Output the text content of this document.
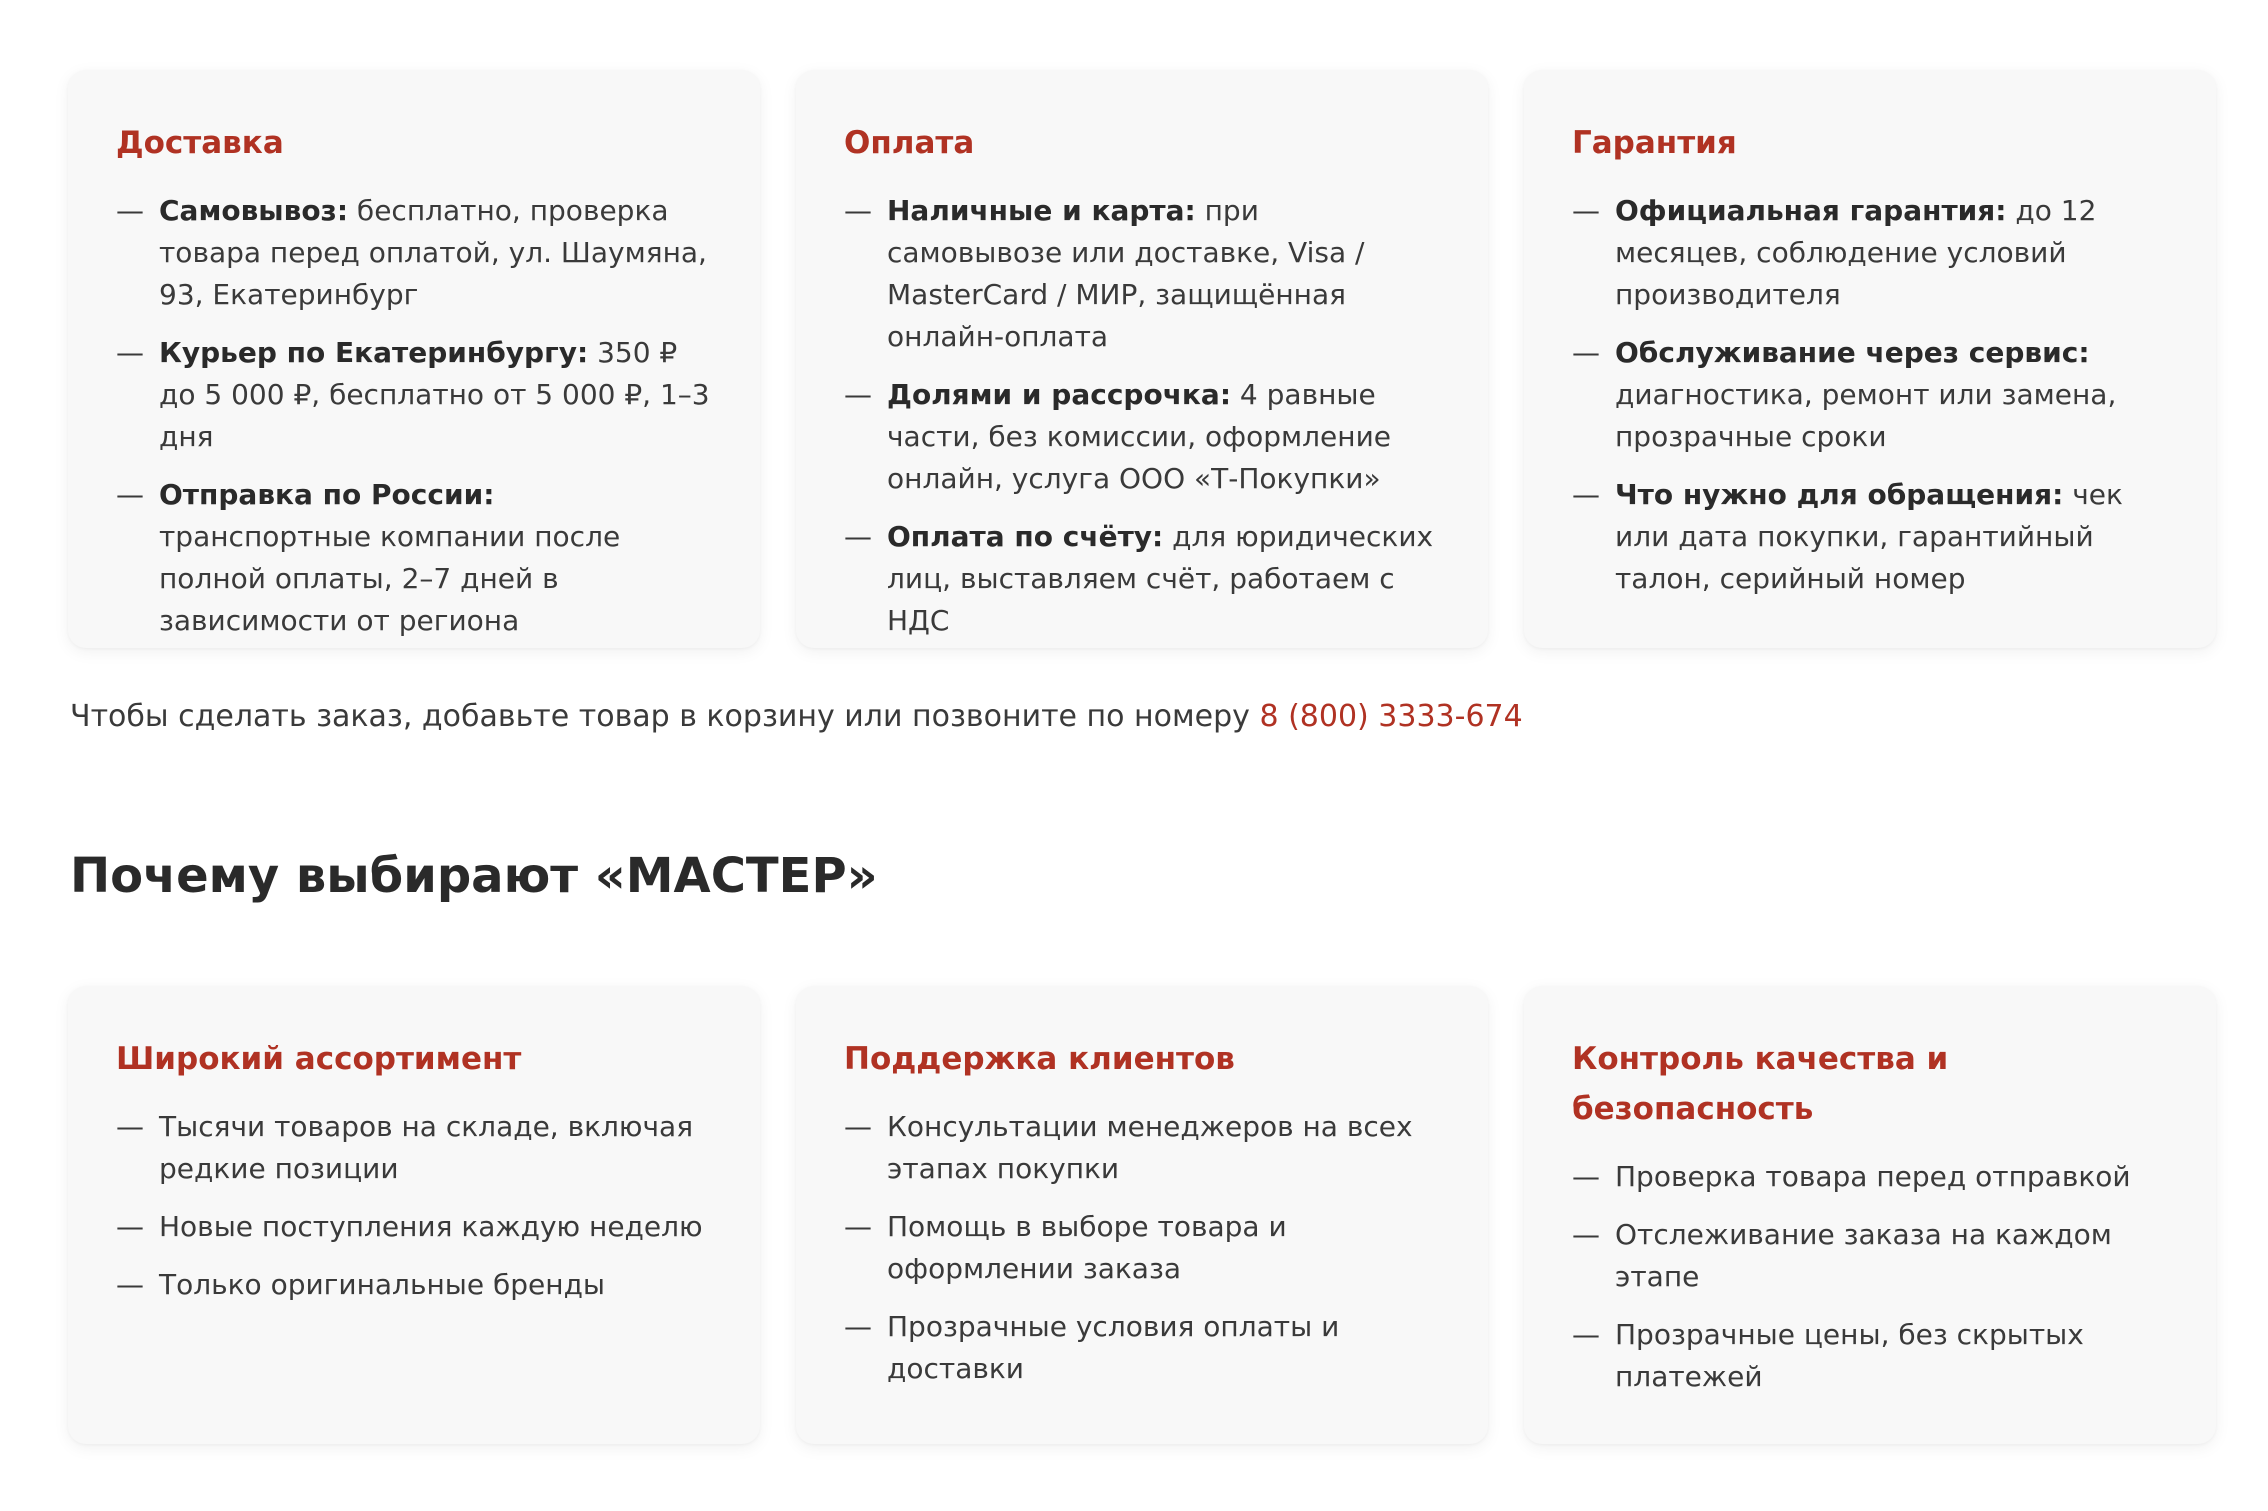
Доставка
— Самовывоз: бесплатно, проверка товара перед оплатой, ул. Шаумяна, 93, Екатеринбург
— Курьер по Екатеринбургу: 350 ₽ до 5 000 ₽, бесплатно от 5 000 ₽, 1–3 дня
— Отправка по России: транспортные компании после полной оплаты, 2–7 дней в зависимости от региона
Оплата
— Наличные и карта: при самовывозе или доставке, Visa / MasterCard / МИР, защищённая онлайн-оплата
— Долями и рассрочка: 4 равные части, без комиссии, оформление онлайн, услуга ООО «Т-Покупки»
— Оплата по счёту: для юридических лиц, выставляем счёт, работаем с НДС
Гарантия
— Официальная гарантия: до 12 месяцев, соблюдение условий производителя
— Обслуживание через сервис: диагностика, ремонт или замена, прозрачные сроки
— Что нужно для обращения: чек или дата покупки, гарантийный талон, серийный номер

Чтобы сделать заказ, добавьте товар в корзину или позвоните по номеру 8 (800) 3333-674

Почему выбирают «МАСТЕР»
Широкий ассортимент
— Тысячи товаров на складе, включая редкие позиции
— Новые поступления каждую неделю
— Только оригинальные бренды
Поддержка клиентов
— Консультации менеджеров на всех этапах покупки
— Помощь в выборе товара и оформлении заказа
— Прозрачные условия оплаты и доставки
Контроль качества и безопасность
— Проверка товара перед отправкой
— Отслеживание заказа на каждом этапе
— Прозрачные цены, без скрытых платежей
